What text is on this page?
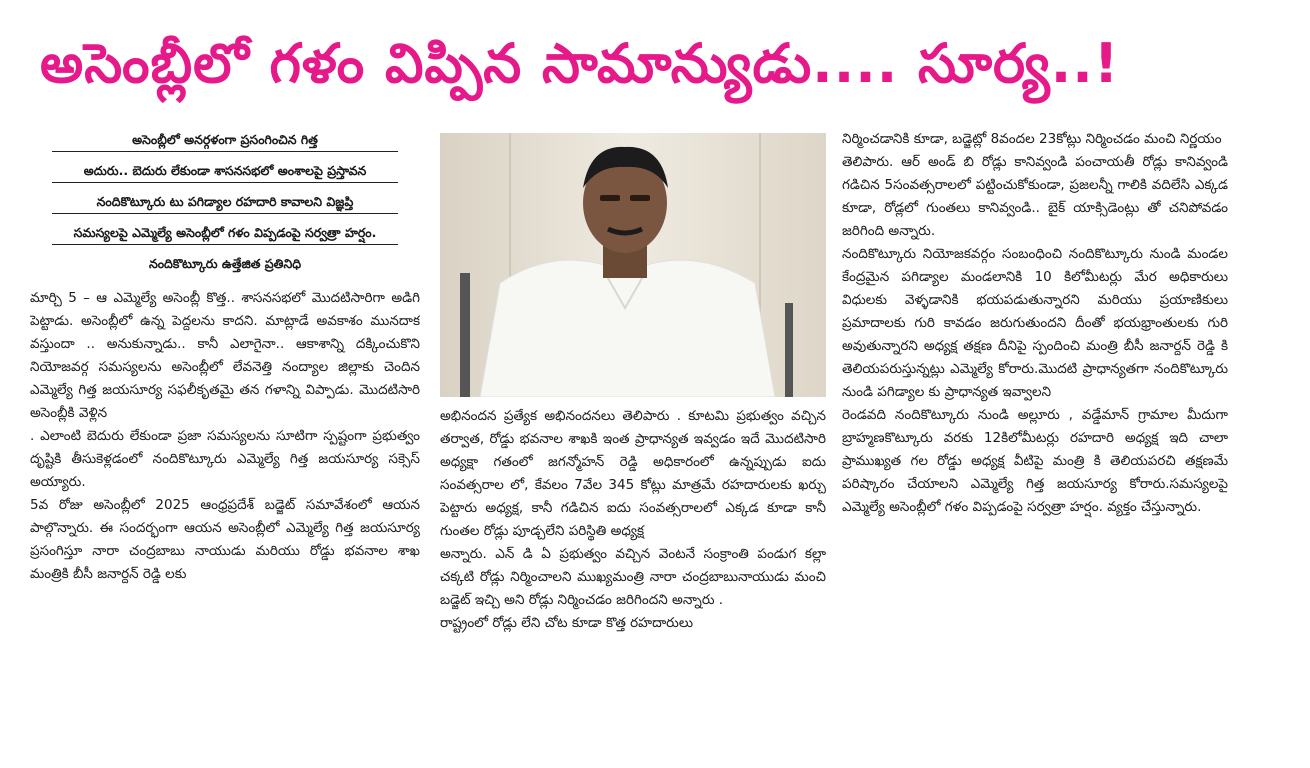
అసెంబ్లీలో గళం విప్పిన సామాన్యుడు.... సూర్య..!
అసెంబ్లీలో అనర్గళంగా ప్రసంగించిన గిత్త
అదురు.. బెదురు లేకుండా శాసనసభలో అంశాలపై ప్రస్తావన
నందికొట్కూరు టు పగిడ్యాల రహదారి కావాలని విజ్ఞప్తి
సమస్యలపై ఎమ్మెల్యే అసెంబ్లీలో గళం విప్పడంపై సర్వత్రా హర్షం.
నందికొట్కూరు ఉత్తేజిత ప్రతినిధి

మార్చి 5 – ఆ ఎమ్మెల్యే అసెంబ్లీ కొత్త.. శాసనసభలో మొదటిసారిగా అడిగి పెట్టాడు. అసెంబ్లీలో ఉన్న పెద్దలను కాదని. మాట్లాడే అవకాశం మునదాక వస్తుందా .. అనుకున్నాడు.. కానీ ఎలాగైనా.. ఆకాశాన్ని దక్కించుకొని నియోజవర్గ సమస్యలను అసెంబ్లీలో లేవనెత్తి నంద్యాల జిల్లాకు చెందిన ఎమ్మెల్యే గిత్త జయసూర్య సఫలీకృతమై తన గళాన్ని విప్పాడు. మొదటిసారి అసెంబ్లీకి వెళ్లిన

. ఎలాంటి బెదురు లేకుండా ప్రజా సమస్యలను సూటిగా స్పష్టంగా ప్రభుత్వం దృష్టికి తీసుకెళ్లడంలో నందికొట్కూరు ఎమ్మెల్యే గిత్త జయసూర్య సక్సెస్ అయ్యారు.

5వ రోజు అసెంబ్లీలో 2025 ఆంధ్రప్రదేశ్ బడ్జెట్ సమావేశంలో ఆయన పాల్గొన్నారు. ఈ సందర్భంగా ఆయన అసెంబ్లీలో ఎమ్మెల్యే గిత్త జయసూర్య ప్రసంగిస్తూ నారా చంద్రబాబు నాయుడు మరియు రోడ్డు భవనాల శాఖ మంత్రికి బీసీ జనార్దన్ రెడ్డి లకు

అభినందన ప్రత్యేక అభినందనలు తెలిపారు . కూటమి ప్రభుత్వం వచ్చిన తర్వాత, రోడ్డు భవనాల శాఖకి ఇంత ప్రాధాన్యత ఇవ్వడం ఇదే మొదటిసారి అధ్యక్షా గతంలో జగన్మోహన్ రెడ్డి అధికారంలో ఉన్నప్పుడు ఐదు సంవత్సరాల లో, కేవలం 7వేల 345 కోట్లు మాత్రమే రహదారులకు ఖర్చు పెట్టారు అధ్యక్ష, కానీ గడిచిన ఐదు సంవత్సరాలలో ఎక్కడ కూడా కానీ గుంతల రోడ్లు పూడ్చలేని పరిస్థితి అధ్యక్ష

అన్నారు. ఎన్ డి ఏ ప్రభుత్వం వచ్చిన వెంటనే సంక్రాంతి పండుగ కల్లా చక్కటి రోడ్లు నిర్మించాలని ముఖ్యమంత్రి నారా చంద్రబాబునాయుడు మంచి బడ్జెట్ ఇచ్చి అని రోడ్లు నిర్మించడం జరిగిందని అన్నారు .

రాష్ట్రంలో రోడ్లు లేని చోట కూడా కొత్త రహదారులు

నిర్మించడానికి కూడా, బడ్జెట్లో 8వందల 23కోట్లు నిర్మించడం మంచి నిర్ణయం

తెలిపారు. ఆర్ అండ్ బి రోడ్లు కానివ్వండి పంచాయతీ రోడ్లు కానివ్వండి గడిచిన 5సంవత్సరాలలో పట్టించుకోకుండా, ప్రజలన్నీ గాలికి వదిలేసి ఎక్కడ కూడా, రోడ్లలో గుంతలు కానివ్వండి.. బైక్ యాక్సిడెంట్లు తో చనిపోవడం జరిగింది అన్నారు.

నందికొట్కూరు నియోజకవర్గం సంబంధించి నందికొట్కూరు నుండి మండల కేంద్రమైన పగిడ్యాల మండలానికి 10 కిలోమీటర్లు మేర అధికారులు విధులకు వెళ్ళడానికి భయపడుతున్నారని మరియు ప్రయాణికులు ప్రమాదాలకు గురి కావడం జరుగుతుందని దీంతో భయభ్రాంతులకు గురి అవుతున్నారని అధ్యక్ష తక్షణ దీనిపై స్పందించి మంత్రి బీసీ జనార్దన్ రెడ్డి కి తెలియపరుస్తున్నట్లు ఎమ్మెల్యే కోరారు.మొదటి ప్రాధాన్యతగా నందికొట్కూరు నుండి పగిడ్యాల కు ప్రాధాన్యత ఇవ్వాలని

రెండవది నందికొట్కూరు నుండి అల్లూరు , వడ్డేమాన్ గ్రామాల మీదుగా బ్రాహ్మణకొట్కూరు వరకు 12కిలోమీటర్లు రహదారి అధ్యక్ష ఇది చాలా ప్రాముఖ్యత గల రోడ్డు అధ్యక్ష వీటిపై మంత్రి కి తెలియపరచి తక్షణమే పరిష్కారం చేయాలని ఎమ్మెల్యే గిత్త జయసూర్య కోరారు.సమస్యలపై ఎమ్మెల్యే అసెంబ్లీలో గళం విప్పడంపై సర్వత్రా హర్షం. వ్యక్తం చేస్తున్నారు.
